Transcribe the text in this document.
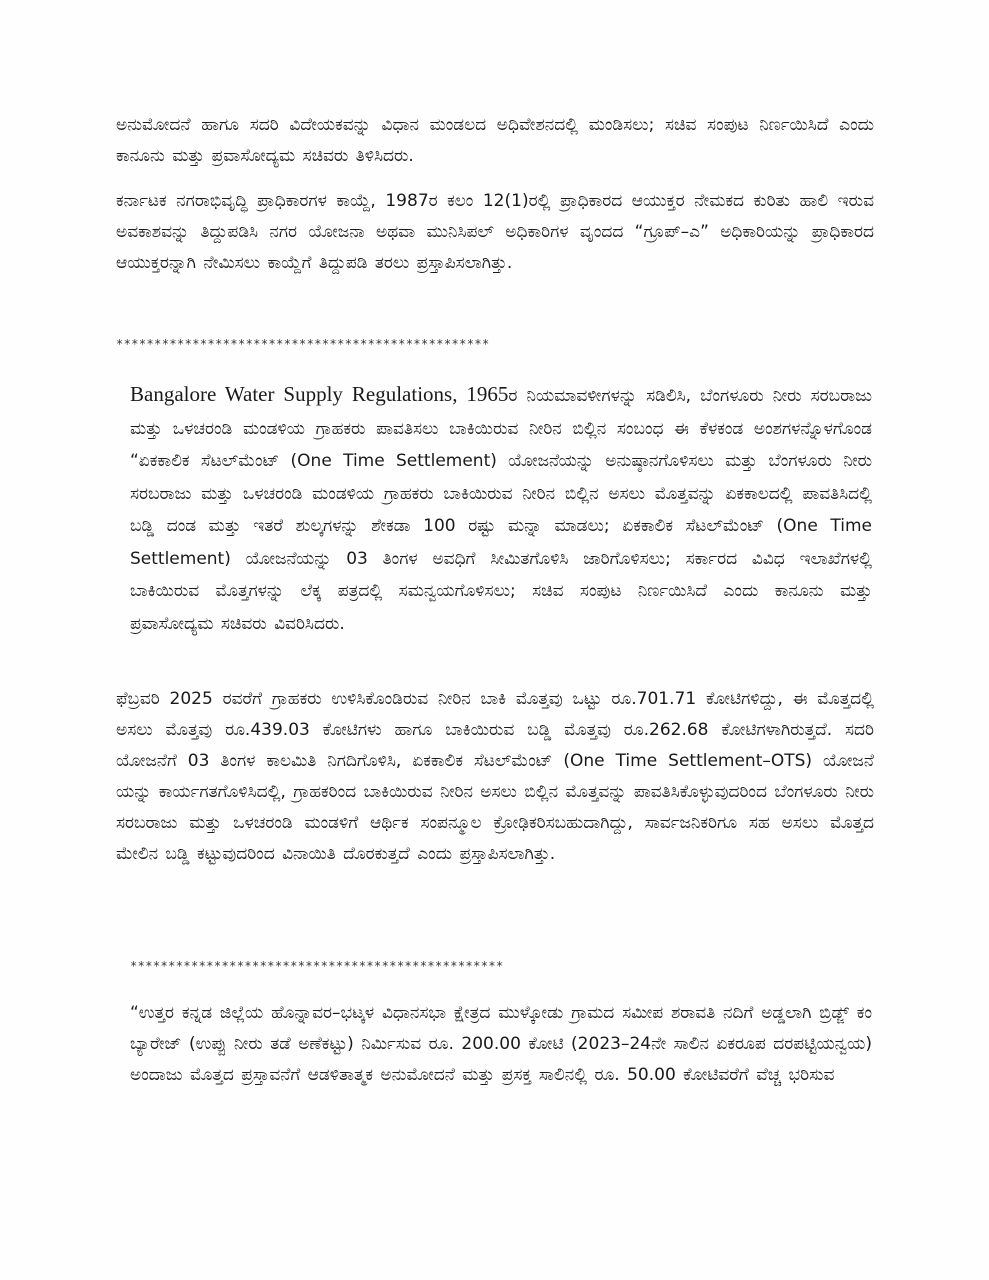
ಅನುಮೋದನೆ ಹಾಗೂ ಸದರಿ ವಿದೇಯಕವನ್ನು ವಿಧಾನ ಮಂಡಲದ ಅಧಿವೇಶನದಲ್ಲಿ ಮಂಡಿಸಲು; ಸಚಿವ ಸಂಪುಟ ನಿರ್ಣಯಿಸಿದೆ ಎಂದು ಕಾನೂನು ಮತ್ತು ಪ್ರವಾಸೋದ್ಯಮ ಸಚಿವರು ತಿಳಿಸಿದರು.

ಕರ್ನಾಟಕ ನಗರಾಭಿವೃದ್ಧಿ ಪ್ರಾಧಿಕಾರಗಳ ಕಾಯ್ದೆ, 1987ರ ಕಲಂ 12(1)ರಲ್ಲಿ ಪ್ರಾಧಿಕಾರದ ಆಯುಕ್ತರ ನೇಮಕದ ಕುರಿತು ಹಾಲಿ ಇರುವ ಅವಕಾಶವನ್ನು ತಿದ್ದುಪಡಿಸಿ ನಗರ ಯೋಜನಾ ಅಥವಾ ಮುನಿಸಿಪಲ್ ಅಧಿಕಾರಿಗಳ ವೃಂದದ “ಗ್ರೂಪ್–ಎ” ಅಧಿಕಾರಿಯನ್ನು ಪ್ರಾಧಿಕಾರದ ಆಯುಕ್ತರನ್ನಾಗಿ ನೇಮಿಸಲು ಕಾಯ್ದೆಗೆ ತಿದ್ದುಪಡಿ ತರಲು ಪ್ರಸ್ತಾಪಿಸಲಾಗಿತ್ತು.

*************************************************

Bangalore Water Supply Regulations, 1965ರ ನಿಯಮಾವಳೀಗಳನ್ನು ಸಡಿಲಿಸಿ, ಬೆಂಗಳೂರು ನೀರು ಸರಬರಾಜು ಮತ್ತು ಒಳಚರಂಡಿ ಮಂಡಳಿಯ ಗ್ರಾಹಕರು ಪಾವತಿಸಲು ಬಾಕಿಯಿರುವ ನೀರಿನ ಬಿಲ್ಲಿನ ಸಂಬಂಧ ಈ ಕೆಳಕಂಡ ಅಂಶಗಳನ್ನೊಳಗೊಂಡ “ಏಕಕಾಲಿಕ ಸೆಟಲ್‌ಮೆಂಟ್ (One Time Settlement) ಯೋಜನೆಯನ್ನು ಅನುಷ್ಠಾನಗೊಳಿಸಲು ಮತ್ತು ಬೆಂಗಳೂರು ನೀರು ಸರಬರಾಜು ಮತ್ತು ಒಳಚರಂಡಿ ಮಂಡಳಿಯ ಗ್ರಾಹಕರು ಬಾಕಿಯಿರುವ ನೀರಿನ ಬಿಲ್ಲಿನ ಅಸಲು ಮೊತ್ತವನ್ನು ಏಕಕಾಲದಲ್ಲಿ ಪಾವತಿಸಿದಲ್ಲಿ ಬಡ್ಡಿ ದಂಡ ಮತ್ತು ಇತರೆ ಶುಲ್ಕಗಳನ್ನು ಶೇಕಡಾ 100 ರಷ್ಟು ಮನ್ನಾ ಮಾಡಲು; ಏಕಕಾಲಿಕ ಸೆಟಲ್‌ಮೆಂಟ್ (One Time Settlement) ಯೋಜನೆಯನ್ನು 03 ತಿಂಗಳ ಅವಧಿಗೆ ಸೀಮಿತಗೊಳಿಸಿ ಜಾರಿಗೊಳಿಸಲು; ಸರ್ಕಾರದ ವಿವಿಧ ಇಲಾಖೆಗಳಲ್ಲಿ ಬಾಕಿಯಿರುವ ಮೊತ್ತಗಳನ್ನು ಲೆಕ್ಕ ಪತ್ರದಲ್ಲಿ ಸಮನ್ವಯಗೊಳಿಸಲು; ಸಚಿವ ಸಂಪುಟ ನಿರ್ಣಯಿಸಿದೆ ಎಂದು ಕಾನೂನು ಮತ್ತು ಪ್ರವಾಸೋದ್ಯಮ ಸಚಿವರು ವಿವರಿಸಿದರು.

ಫೆಬ್ರವರಿ 2025 ರವರೆಗೆ ಗ್ರಾಹಕರು ಉಳಿಸಿಕೊಂಡಿರುವ ನೀರಿನ ಬಾಕಿ ಮೊತ್ತವು ಒಟ್ಟು ರೂ.701.71 ಕೋಟಿಗಳಿದ್ದು, ಈ ಮೊತ್ತದಲ್ಲಿ ಅಸಲು ಮೊತ್ತವು ರೂ.439.03 ಕೋಟಿಗಳು ಹಾಗೂ ಬಾಕಿಯಿರುವ ಬಡ್ಡಿ ಮೊತ್ತವು ರೂ.262.68 ಕೋಟಿಗಳಾಗಿರುತ್ತದೆ. ಸದರಿ ಯೋಜನೆಗೆ 03 ತಿಂಗಳ ಕಾಲಮಿತಿ ನಿಗದಿಗೊಳಿಸಿ, ಏಕಕಾಲಿಕ ಸೆಟಲ್‌ಮೆಂಟ್ (One Time Settlement–OTS) ಯೋಜನೆ ಯನ್ನು ಕಾರ್ಯಗತಗೊಳಿಸಿದಲ್ಲಿ, ಗ್ರಾಹಕರಿಂದ ಬಾಕಿಯಿರುವ ನೀರಿನ ಅಸಲು ಬಿಲ್ಲಿನ ಮೊತ್ತವನ್ನು ಪಾವತಿಸಿಕೊಳ್ಳುವುದರಿಂದ ಬೆಂಗಳೂರು ನೀರು ಸರಬರಾಜು ಮತ್ತು ಒಳಚರಂಡಿ ಮಂಡಳಿಗೆ ಆರ್ಥಿಕ ಸಂಪನ್ಮೂಲ ಕ್ರೋಢಿಕರಿಸಬಹುದಾಗಿದ್ದು, ಸಾರ್ವಜನಿಕರಿಗೂ ಸಹ ಅಸಲು ಮೊತ್ತದ ಮೇಲಿನ ಬಡ್ಡಿ ಕಟ್ಟುವುದರಿಂದ ವಿನಾಯಿತಿ ದೊರಕುತ್ತದೆ ಎಂದು ಪ್ರಸ್ತಾಪಿಸಲಾಗಿತ್ತು.

*************************************************

“ಉತ್ತರ ಕನ್ನಡ ಜಿಲ್ಲೆಯ ಹೊನ್ನಾವರ–ಭಟ್ಕಳ ವಿಧಾನಸಭಾ ಕ್ಷೇತ್ರದ ಮುಳ್ಕೋಡು ಗ್ರಾಮದ ಸಮೀಪ ಶರಾವತಿ ನದಿಗೆ ಅಡ್ಡಲಾಗಿ ಬ್ರಿಡ್ಜ್ ಕಂ ಬ್ಯಾರೇಜ್ (ಉಪ್ಪು ನೀರು ತಡೆ ಅಣೆಕಟ್ಟು) ನಿರ್ಮಿಸುವ ರೂ. 200.00 ಕೋಟಿ (2023–24ನೇ ಸಾಲಿನ ಏಕರೂಪ ದರಪಟ್ಟಿಯನ್ವಯ) ಅಂದಾಜು ಮೊತ್ತದ ಪ್ರಸ್ತಾವನೆಗೆ ಆಡಳಿತಾತ್ಮಕ ಅನುಮೋದನೆ ಮತ್ತು ಪ್ರಸಕ್ತ ಸಾಲಿನಲ್ಲಿ ರೂ. 50.00 ಕೋಟಿವರೆಗೆ ವೆಚ್ಚ ಭರಿಸುವ
